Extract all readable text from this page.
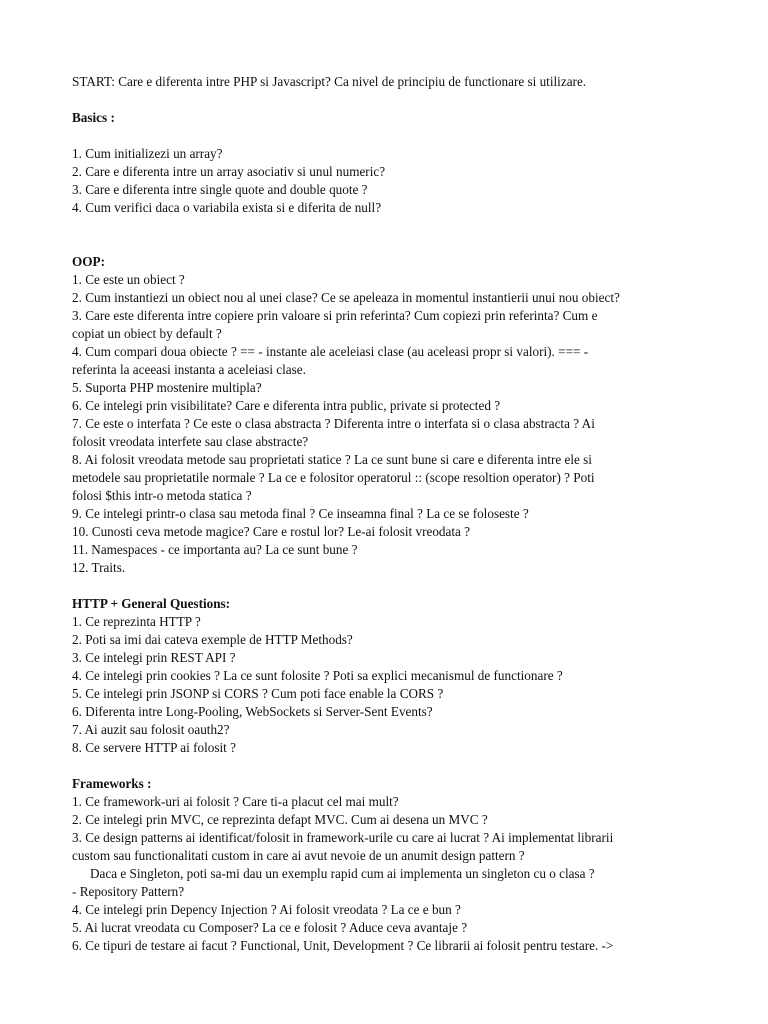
START: Care e diferenta intre PHP si Javascript? Ca nivel de principiu de functionare si utilizare.
Basics :
1. Cum initializezi un array?
2. Care e diferenta intre un array asociativ si unul numeric?
3. Care e diferenta intre single quote and double quote ?
4. Cum verifici daca o variabila exista si e diferita de null?
OOP:
1. Ce este un obiect ?
2. Cum instantiezi un obiect nou al unei clase? Ce se apeleaza in momentul instantierii unui nou obiect?
3. Care este diferenta intre copiere prin valoare si prin referinta? Cum copiezi prin referinta? Cum e
copiat un obiect by default ?
4. Cum compari doua obiecte ? == - instante ale aceleiasi clase (au aceleasi propr si valori). === -
referinta la aceeasi instanta a aceleiasi clase.
5. Suporta PHP mostenire multipla?
6. Ce intelegi prin visibilitate? Care e diferenta intra public, private si protected ?
7. Ce este o interfata ? Ce este o clasa abstracta ? Diferenta intre o interfata si o clasa abstracta ? Ai
folosit vreodata interfete sau clase abstracte?
8. Ai folosit vreodata metode sau proprietati statice ? La ce sunt bune si care e diferenta intre ele si
metodele sau proprietatile normale ? La ce e folositor operatorul :: (scope resoltion operator) ? Poti
folosi $this intr-o metoda statica ?
9. Ce intelegi printr-o clasa sau metoda final ? Ce inseamna final ? La ce se foloseste ?
10. Cunosti ceva metode magice? Care e rostul lor? Le-ai folosit vreodata ?
11. Namespaces - ce importanta au? La ce sunt bune ?
12. Traits.
HTTP + General Questions:
1. Ce reprezinta HTTP ?
2. Poti sa imi dai cateva exemple de HTTP Methods?
3. Ce intelegi prin REST API ?
4. Ce intelegi prin cookies ? La ce sunt folosite ? Poti sa explici mecanismul de functionare ?
5. Ce intelegi prin JSONP si CORS ? Cum poti face enable la CORS ?
6. Diferenta intre Long-Pooling, WebSockets si Server-Sent Events?
7. Ai auzit sau folosit oauth2?
8. Ce servere HTTP ai folosit ?
Frameworks :
1. Ce framework-uri ai folosit ? Care ti-a placut cel mai mult?
2. Ce intelegi prin MVC, ce reprezinta defapt MVC. Cum ai desena un MVC ?
3. Ce design patterns ai identificat/folosit in framework-urile cu care ai lucrat ? Ai implementat librarii
custom sau functionalitati custom in care ai avut nevoie de un anumit design pattern ?
Daca e Singleton, poti sa-mi dau un exemplu rapid cum ai implementa un singleton cu o clasa ?
- Repository Pattern?
4. Ce intelegi prin Depency Injection ? Ai folosit vreodata ? La ce e bun ?
5. Ai lucrat vreodata cu Composer? La ce e folosit ? Aduce ceva avantaje ?
6. Ce tipuri de testare ai facut ? Functional, Unit, Development ? Ce librarii ai folosit pentru testare. ->
